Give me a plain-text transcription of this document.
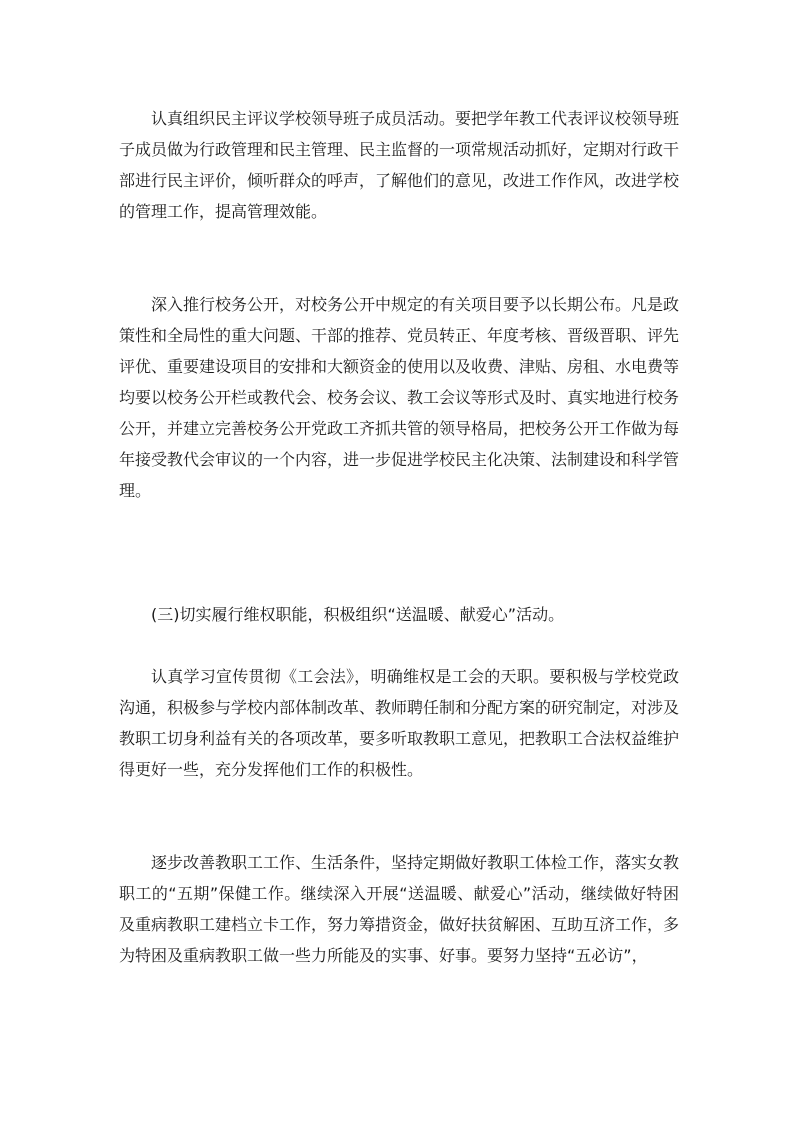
认真组织民主评议学校领导班子成员活动。要把学年教工代表评议校领导班子成员做为行政管理和民主管理、民主监督的一项常规活动抓好，定期对行政干部进行民主评价，倾听群众的呼声，了解他们的意见，改进工作作风，改进学校的管理工作，提高管理效能。

深入推行校务公开，对校务公开中规定的有关项目要予以长期公布。凡是政策性和全局性的重大问题、干部的推荐、党员转正、年度考核、晋级晋职、评先评优、重要建设项目的安排和大额资金的使用以及收费、津贴、房租、水电费等均要以校务公开栏或教代会、校务会议、教工会议等形式及时、真实地进行校务公开，并建立完善校务公开党政工齐抓共管的领导格局，把校务公开工作做为每年接受教代会审议的一个内容，进一步促进学校民主化决策、法制建设和科学管理。

(三)切实履行维权职能，积极组织“送温暖、献爱心”活动。

认真学习宣传贯彻《工会法》，明确维权是工会的天职。要积极与学校党政沟通，积极参与学校内部体制改革、教师聘任制和分配方案的研究制定，对涉及教职工切身利益有关的各项改革，要多听取教职工意见，把教职工合法权益维护得更好一些，充分发挥他们工作的积极性。

逐步改善教职工工作、生活条件，坚持定期做好教职工体检工作，落实女教职工的“五期”保健工作。继续深入开展“送温暖、献爱心”活动，继续做好特困及重病教职工建档立卡工作，努力筹措资金，做好扶贫解困、互助互济工作，多为特困及重病教职工做一些力所能及的实事、好事。要努力坚持“五必访”，
